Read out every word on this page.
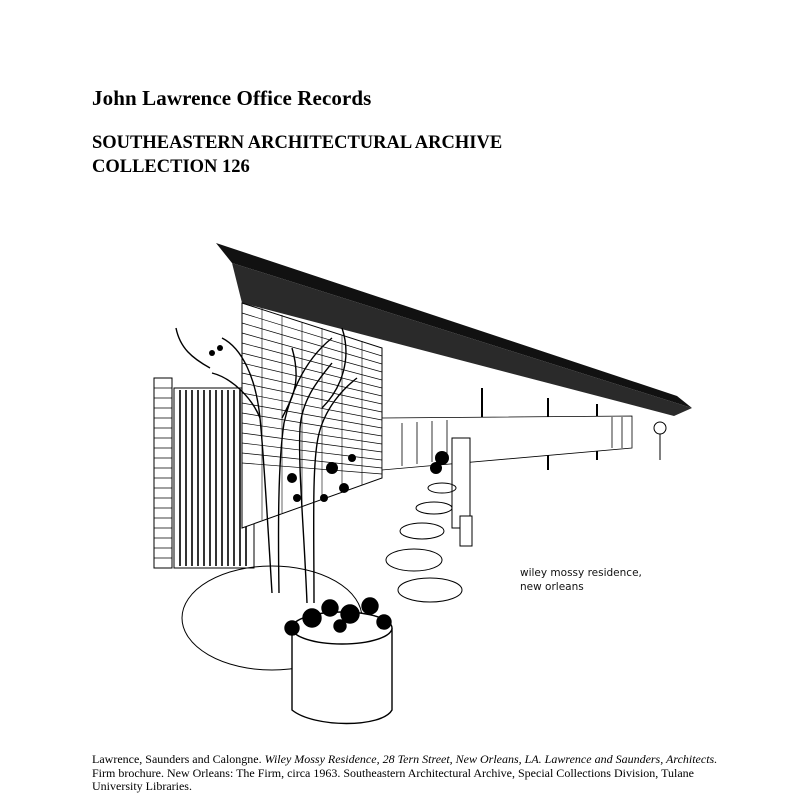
John Lawrence Office Records
SOUTHEASTERN ARCHITECTURAL ARCHIVE
COLLECTION 126
wiley mossy residence,
new orleans

Lawrence, Saunders and Calongne. Wiley Mossy Residence, 28 Tern Street, New Orleans, LA. Lawrence and Saunders, Architects. Firm brochure. New Orleans: The Firm, circa 1963. Southeastern Architectural Archive, Special Collections Division, Tulane University Libraries.
